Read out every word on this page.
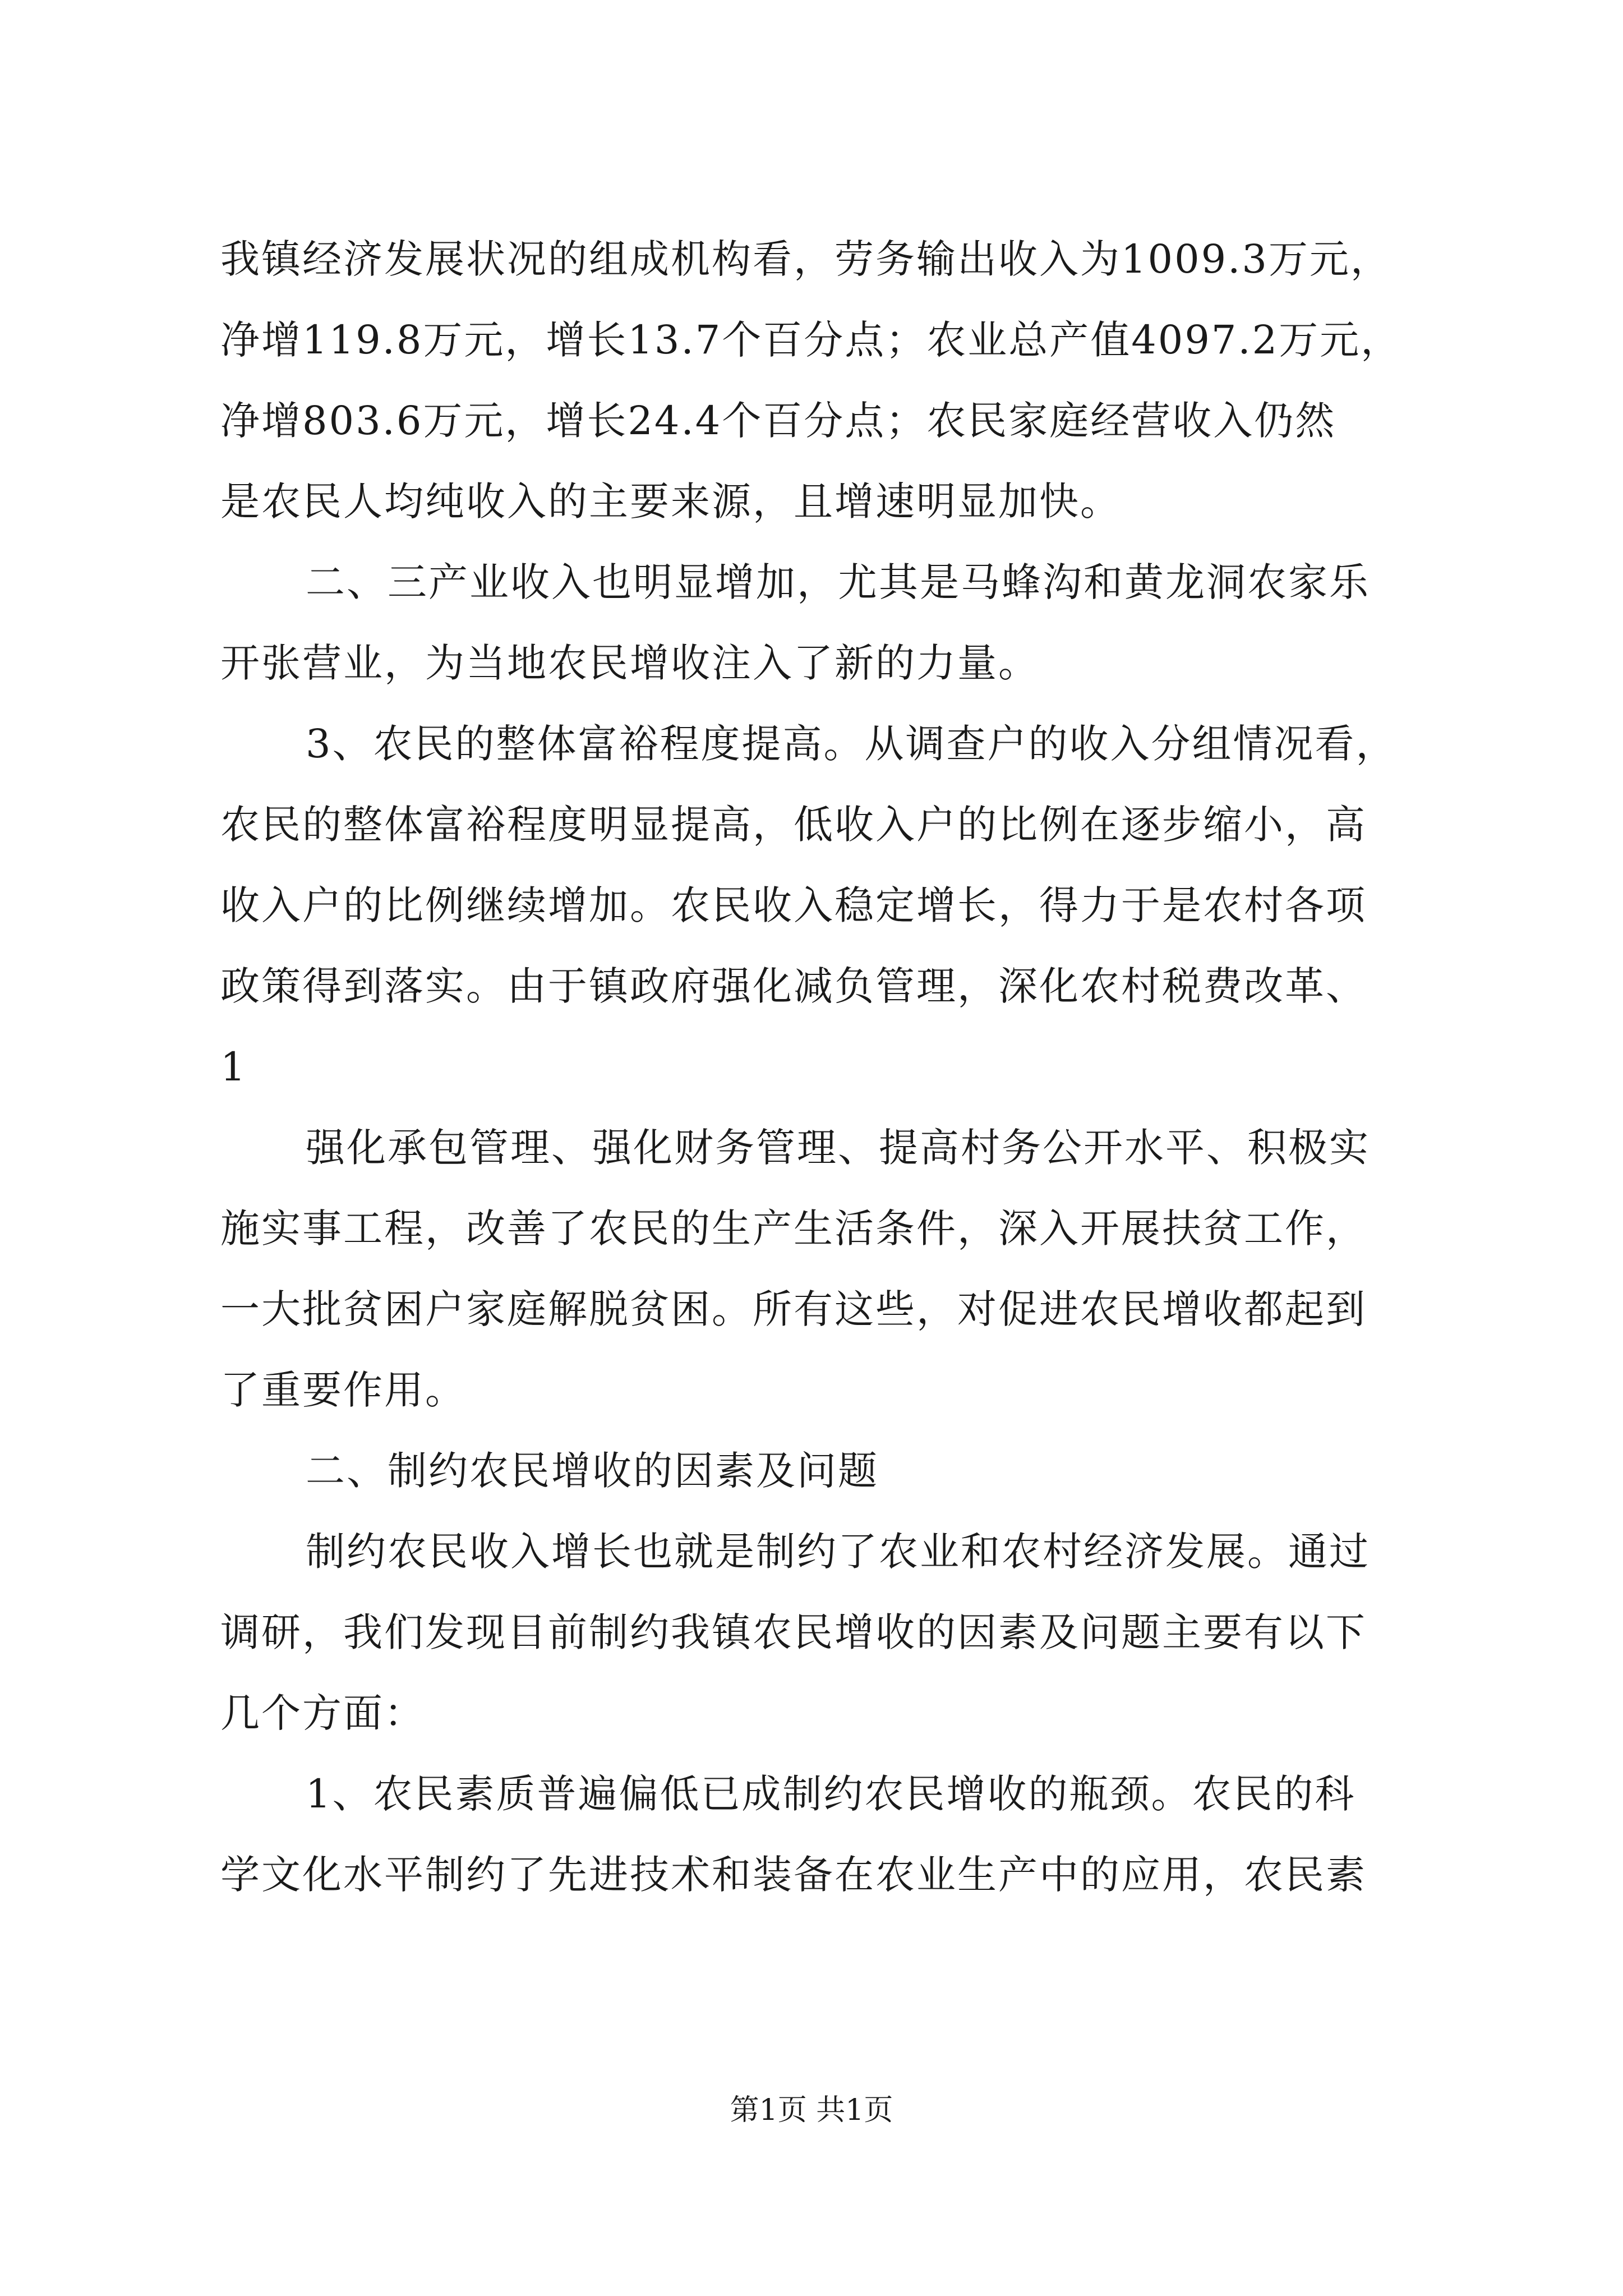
我镇经济发展状况的组成机构看，劳务输出收入为1009.3万元，
净增119.8万元，增长13.7个百分点；农业总产值4097.2万元，
净增803.6万元，增长24.4个百分点；农民家庭经营收入仍然
是农民人均纯收入的主要来源，且增速明显加快。
二、三产业收入也明显增加，尤其是马蜂沟和黄龙洞农家乐
开张营业，为当地农民增收注入了新的力量。
3、农民的整体富裕程度提高。从调查户的收入分组情况看，
农民的整体富裕程度明显提高，低收入户的比例在逐步缩小，高
收入户的比例继续增加。农民收入稳定增长，得力于是农村各项
政策得到落实。由于镇政府强化减负管理，深化农村税费改革、
1
强化承包管理、强化财务管理、提高村务公开水平、积极实
施实事工程，改善了农民的生产生活条件，深入开展扶贫工作，
一大批贫困户家庭解脱贫困。所有这些，对促进农民增收都起到
了重要作用。
二、制约农民增收的因素及问题
制约农民收入增长也就是制约了农业和农村经济发展。通过
调研，我们发现目前制约我镇农民增收的因素及问题主要有以下
几个方面：
1、农民素质普遍偏低已成制约农民增收的瓶颈。农民的科
学文化水平制约了先进技术和装备在农业生产中的应用，农民素
第1页 共1页
